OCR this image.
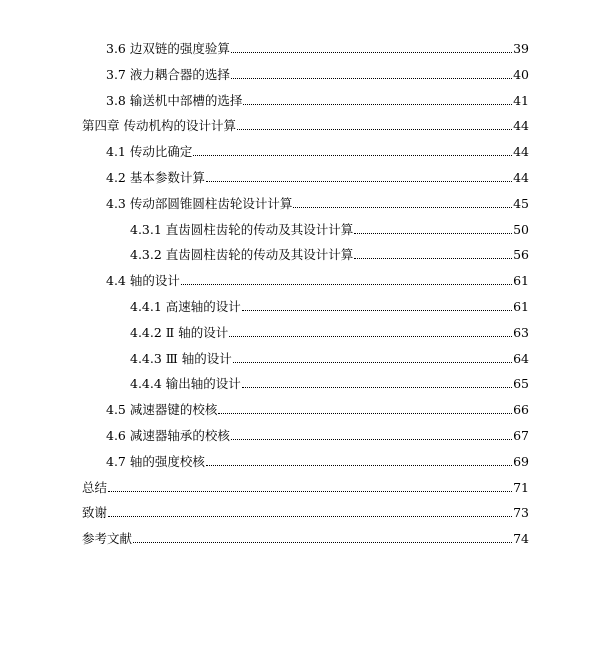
3.6 边双链的强度验算	39
3.7 液力耦合器的选择	40
3.8 输送机中部槽的选择	41
第四章 传动机构的设计计算	44
4.1 传动比确定	44
4.2 基本参数计算	44
4.3 传动部圆锥圆柱齿轮设计计算	45
4.3.1 直齿圆柱齿轮的传动及其设计计算	50
4.3.2 直齿圆柱齿轮的传动及其设计计算	56
4.4 轴的设计	61
4.4.1 高速轴的设计	61
4.4.2 Ⅱ 轴的设计	63
4.4.3 Ⅲ 轴的设计	64
4.4.4 输出轴的设计	65
4.5 减速器键的校核	66
4.6 减速器轴承的校核	67
4.7 轴的强度校核	69
总结	71
致谢	73
参考文献	74
